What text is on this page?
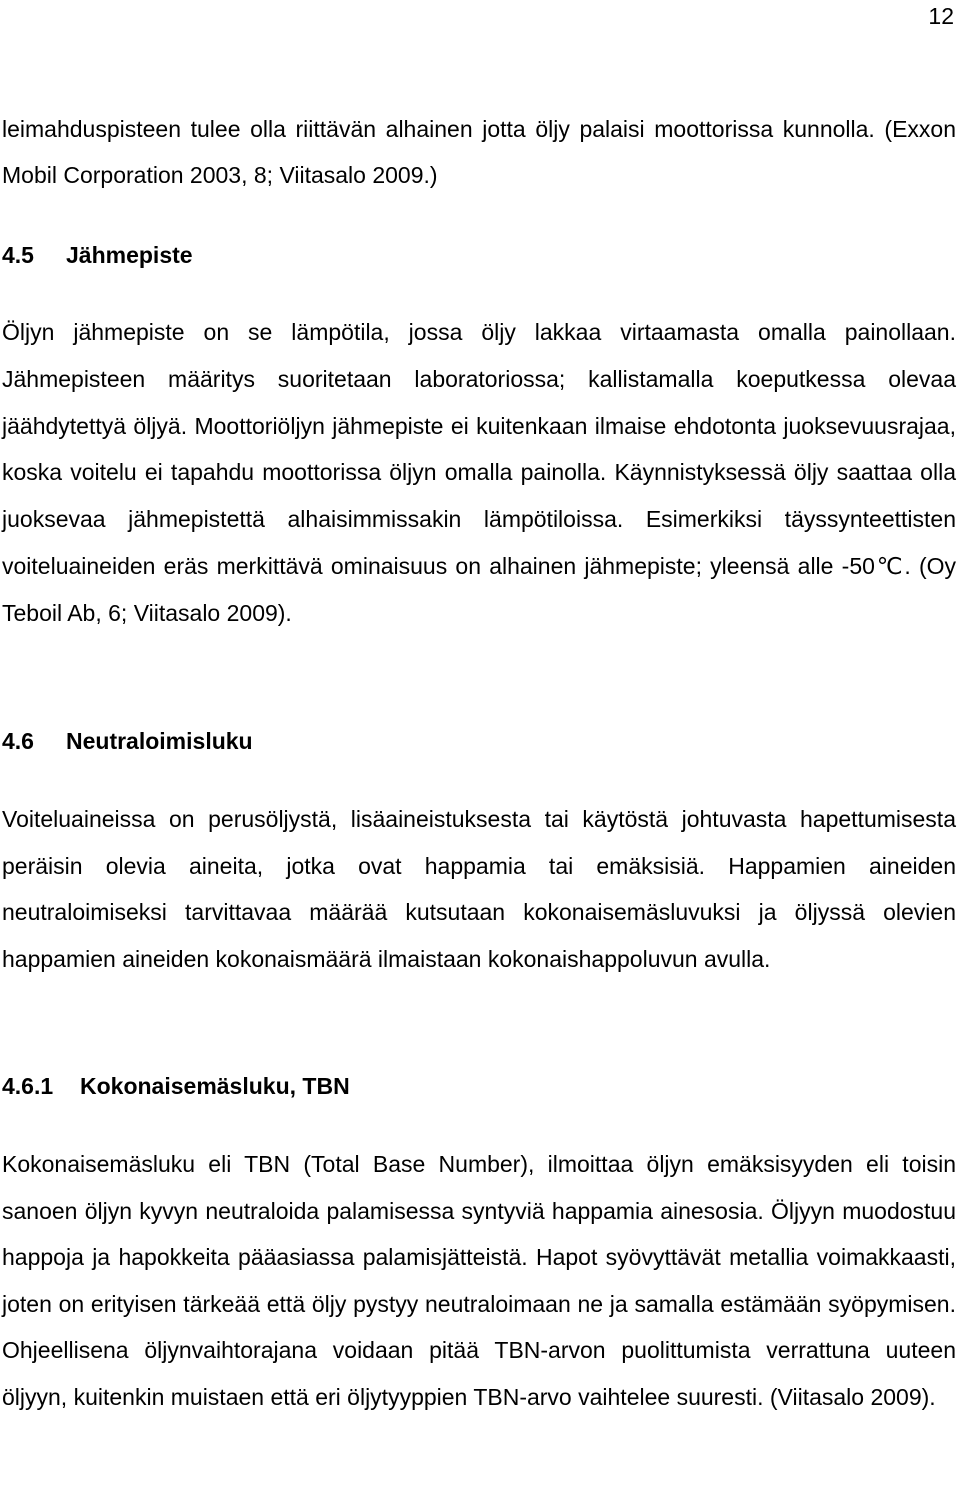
12

leimahduspisteen tulee olla riittävän alhainen jotta öljy palaisi moottorissa kunnolla. (Exxon Mobil Corporation 2003, 8; Viitasalo 2009.)

4.5 Jähmepiste

Öljyn jähmepiste on se lämpötila, jossa öljy lakkaa virtaamasta omalla painollaan. Jähmepisteen määritys suoritetaan laboratoriossa; kallistamalla koeputkessa olevaa jäähdytettyä öljyä. Moottoriöljyn jähmepiste ei kuitenkaan ilmaise ehdotonta juoksevuusrajaa, koska voitelu ei tapahdu moottorissa öljyn omalla painolla. Käynnistyksessä öljy saattaa olla juoksevaa jähmepistettä alhaisimmissakin lämpötiloissa. Esimerkiksi täyssynteettisten voiteluaineiden eräs merkittävä ominaisuus on alhainen jähmepiste; yleensä alle -50℃. (Oy Teboil Ab, 6; Viitasalo 2009).

4.6 Neutraloimisluku

Voiteluaineissa on perusöljystä, lisäaineistuksesta tai käytöstä johtuvasta hapettumisesta peräisin olevia aineita, jotka ovat happamia tai emäksisiä. Happamien aineiden neutraloimiseksi tarvittavaa määrää kutsutaan kokonaisemäsluvuksi ja öljyssä olevien happamien aineiden kokonaismäärä ilmaistaan kokonaishappoluvun avulla.

4.6.1 Kokonaisemäsluku, TBN

Kokonaisemäsluku eli TBN (Total Base Number), ilmoittaa öljyn emäksisyyden eli toisin sanoen öljyn kyvyn neutraloida palamisessa syntyviä happamia ainesosia. Öljyyn muodostuu happoja ja hapokkeita pääasiassa palamisjätteistä. Hapot syövyttävät metallia voimakkaasti, joten on erityisen tärkeää että öljy pystyy neutraloimaan ne ja samalla estämään syöpymisen. Ohjeellisena öljynvaihtorajana voidaan pitää TBN-arvon puolittumista verrattuna uuteen öljyyn, kuitenkin muistaen että eri öljytyyppien TBN-arvo vaihtelee suuresti. (Viitasalo 2009).
